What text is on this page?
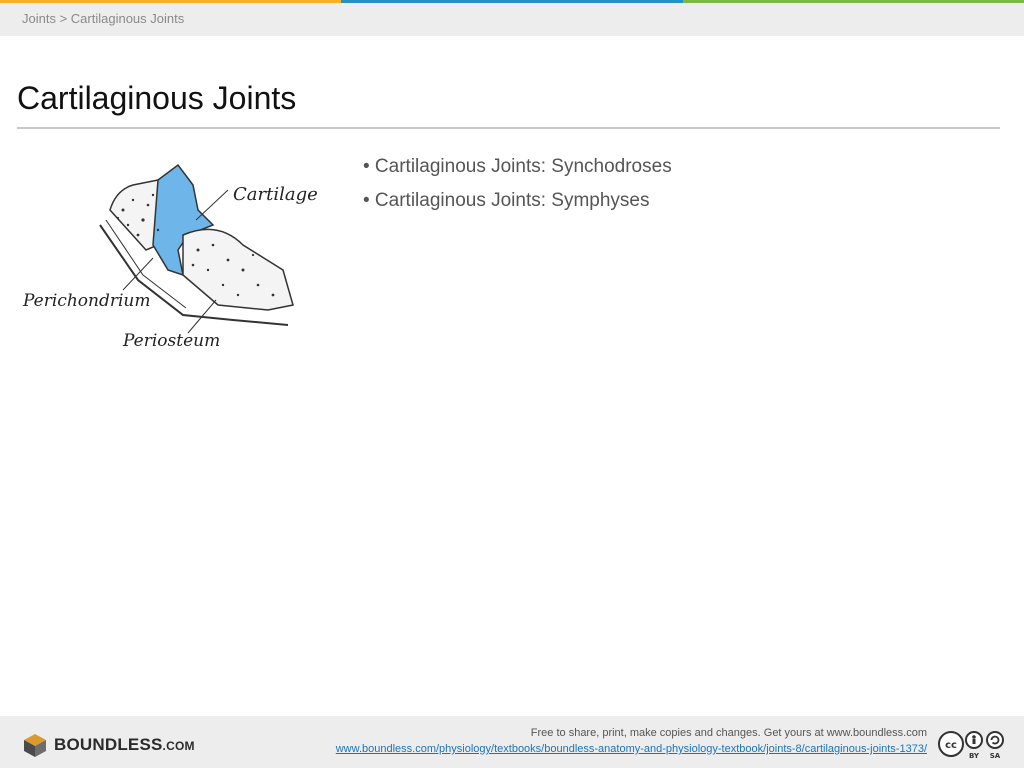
Joints > Cartilaginous Joints
Cartilaginous Joints
Cartilage
Perichondrium
Periosteum
• Cartilaginous Joints: Synchodroses
• Cartilaginous Joints: Symphyses
BOUNDLESS.COM
Free to share, print, make copies and changes. Get yours at www.boundless.com
www.boundless.com/physiology/textbooks/boundless-anatomy-and-physiology-textbook/joints-8/cartilaginous-joints-1373/ cc
BY SA
